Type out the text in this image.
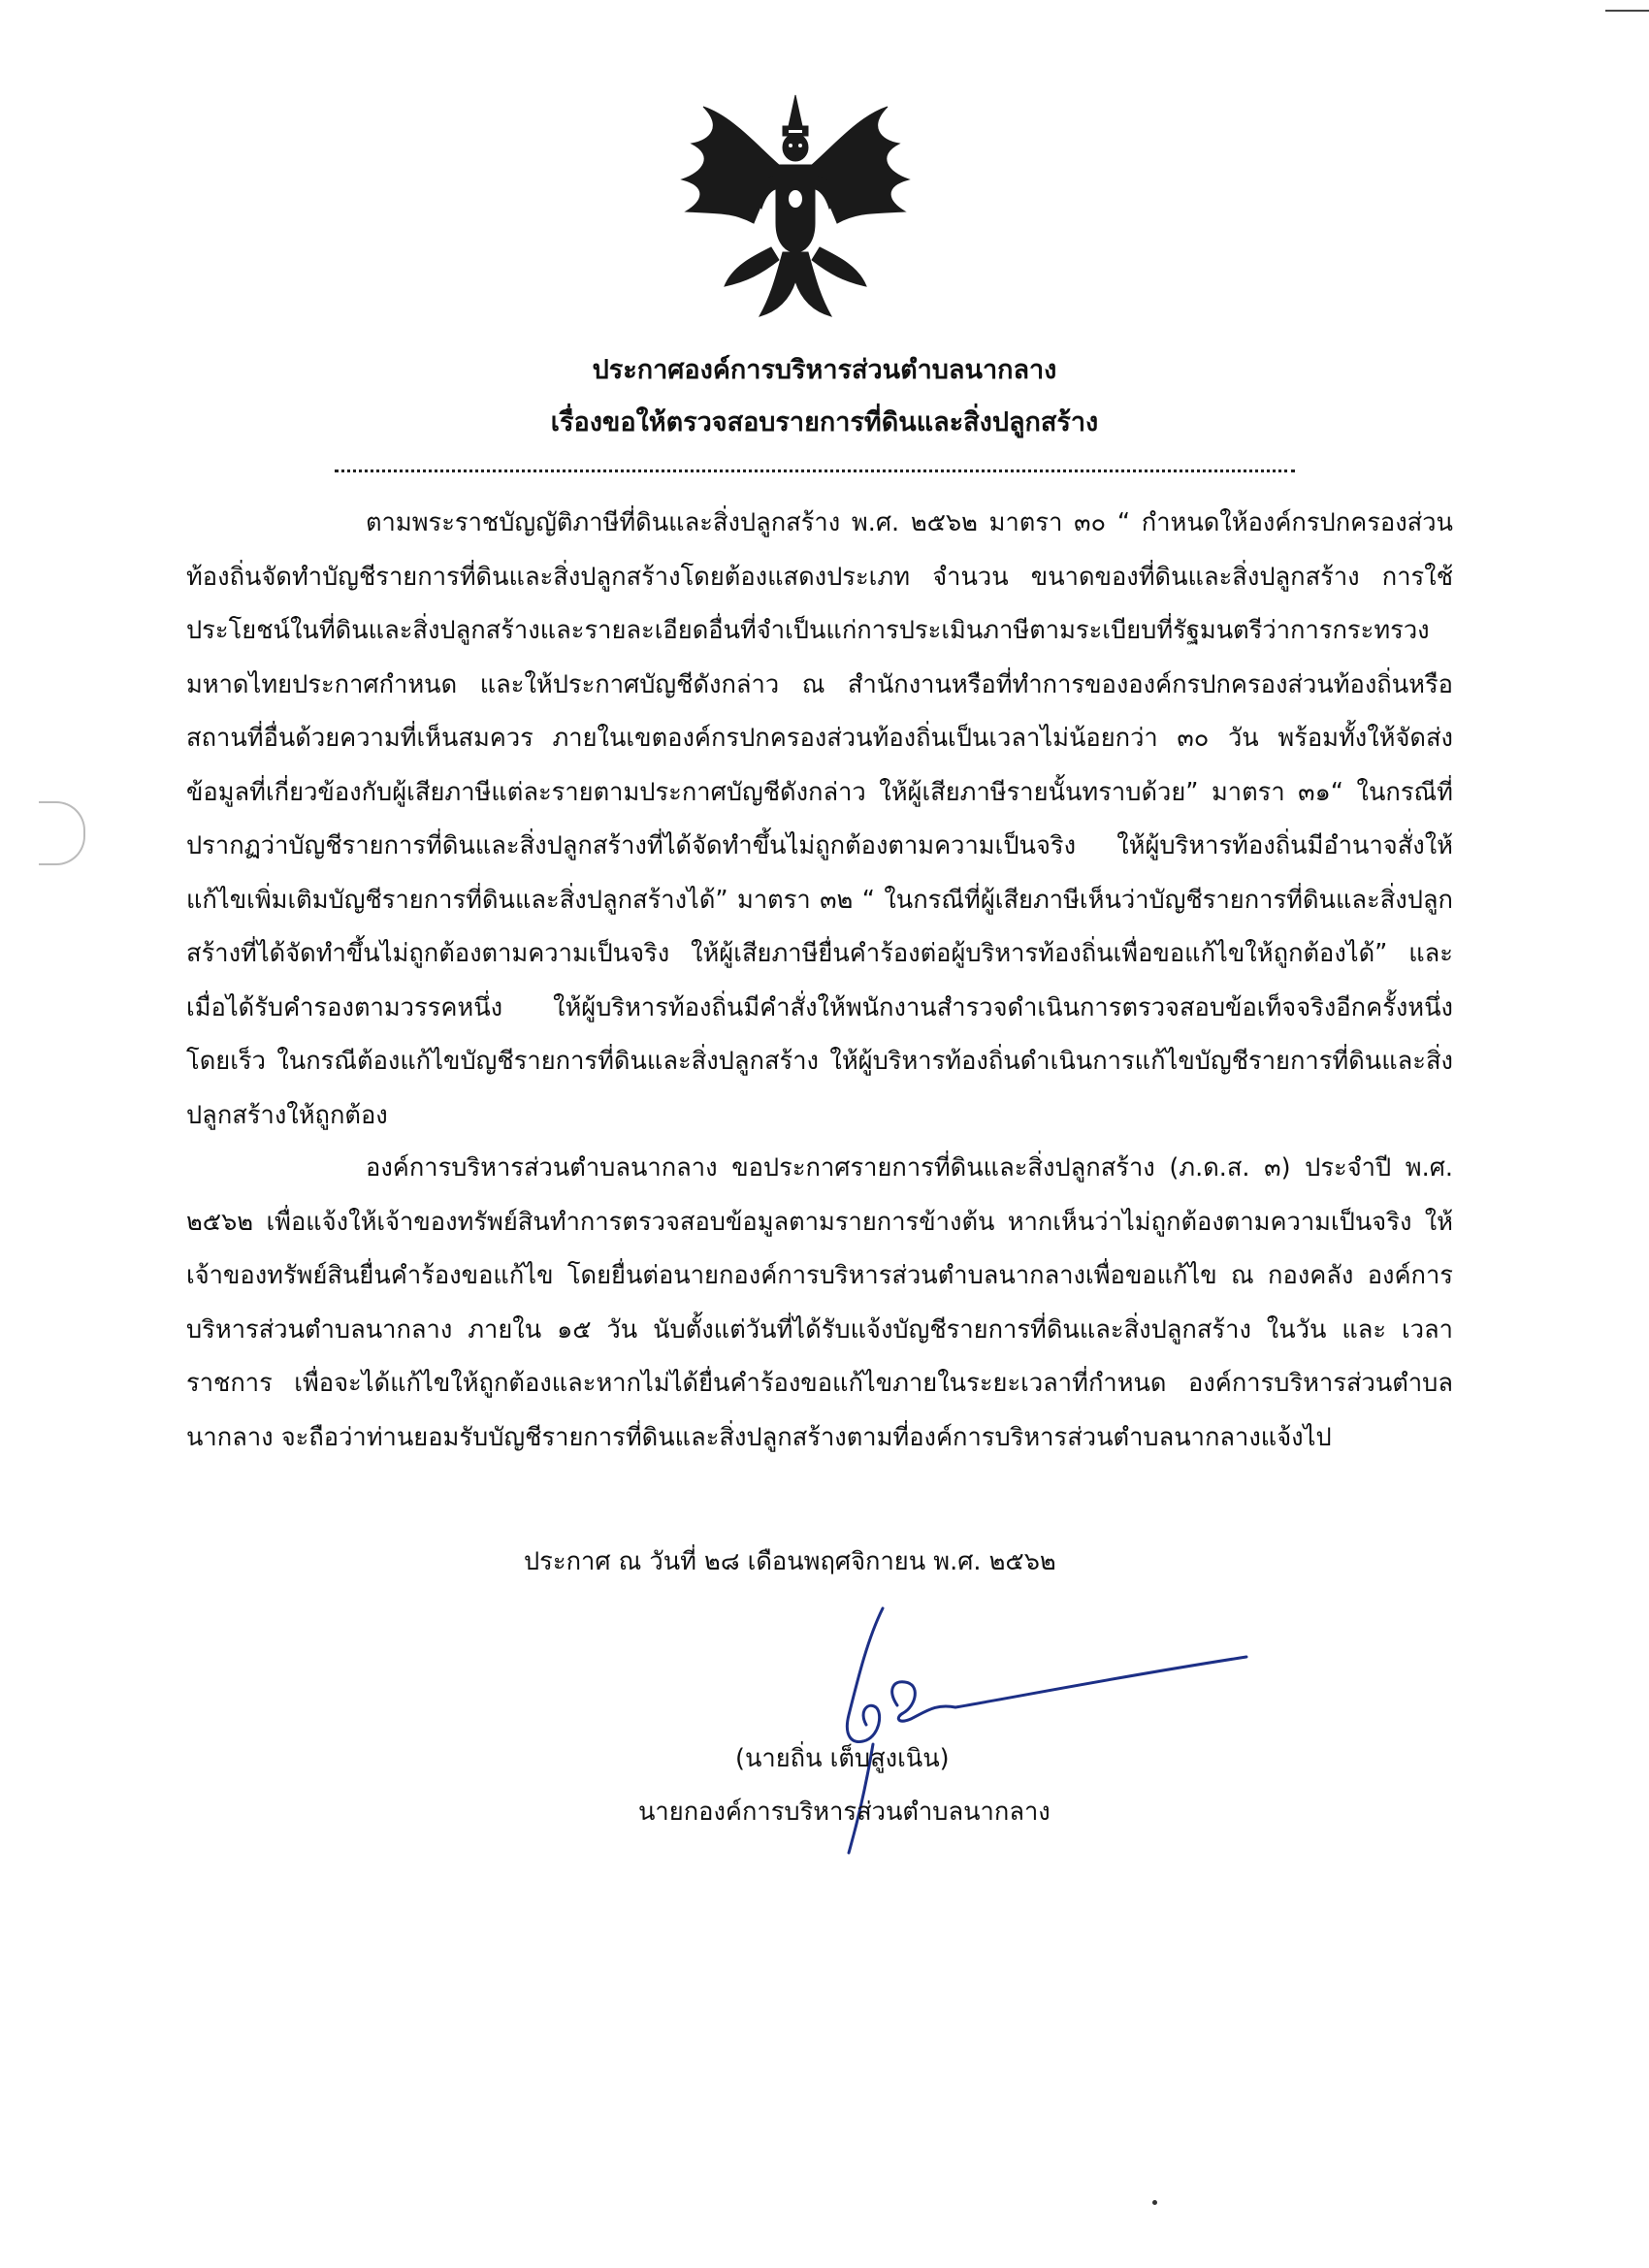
ประกาศองค์การบริหารส่วนตำบลนากลาง
เรื่องขอให้ตรวจสอบรายการที่ดินและสิ่งปลูกสร้าง

ตามพระราชบัญญัติภาษีที่ดินและสิ่งปลูกสร้าง พ.ศ. ๒๕๖๒ มาตรา ๓๐ “ กำหนดให้องค์กรปกครองส่วนท้องถิ่นจัดทำบัญชีรายการที่ดินและสิ่งปลูกสร้างโดยต้องแสดงประเภท จำนวน ขนาดของที่ดินและสิ่งปลูกสร้าง การใช้ประโยชน์ในที่ดินและสิ่งปลูกสร้างและรายละเอียดอื่นที่จำเป็นแก่การประเมินภาษีตามระเบียบที่รัฐมนตรีว่าการกระทรวงมหาดไทยประกาศกำหนด และให้ประกาศบัญชีดังกล่าว ณ สำนักงานหรือที่ทำการขององค์กรปกครองส่วนท้องถิ่นหรือสถานที่อื่นด้วยความที่เห็นสมควร ภายในเขตองค์กรปกครองส่วนท้องถิ่นเป็นเวลาไม่น้อยกว่า ๓๐ วัน พร้อมทั้งให้จัดส่งข้อมูลที่เกี่ยวข้องกับผู้เสียภาษีแต่ละรายตามประกาศบัญชีดังกล่าว ให้ผู้เสียภาษีรายนั้นทราบด้วย” มาตรา ๓๑“ ในกรณีที่ปรากฏว่าบัญชีรายการที่ดินและสิ่งปลูกสร้างที่ได้จัดทำขึ้นไม่ถูกต้องตามความเป็นจริง ให้ผู้บริหารท้องถิ่นมีอำนาจสั่งให้แก้ไขเพิ่มเติมบัญชีรายการที่ดินและสิ่งปลูกสร้างได้” มาตรา ๓๒ “ ในกรณีที่ผู้เสียภาษีเห็นว่าบัญชีรายการที่ดินและสิ่งปลูกสร้างที่ได้จัดทำขึ้นไม่ถูกต้องตามความเป็นจริง ให้ผู้เสียภาษียื่นคำร้องต่อผู้บริหารท้องถิ่นเพื่อขอแก้ไขให้ถูกต้องได้” และเมื่อได้รับคำรองตามวรรคหนึ่ง ให้ผู้บริหารท้องถิ่นมีคำสั่งให้พนักงานสำรวจดำเนินการตรวจสอบข้อเท็จจริงอีกครั้งหนึ่งโดยเร็ว ในกรณีต้องแก้ไขบัญชีรายการที่ดินและสิ่งปลูกสร้าง ให้ผู้บริหารท้องถิ่นดำเนินการแก้ไขบัญชีรายการที่ดินและสิ่งปลูกสร้างให้ถูกต้อง

องค์การบริหารส่วนตำบลนากลาง ขอประกาศรายการที่ดินและสิ่งปลูกสร้าง (ภ.ด.ส. ๓) ประจำปี พ.ศ. ๒๕๖๒ เพื่อแจ้งให้เจ้าของทรัพย์สินทำการตรวจสอบข้อมูลตามรายการข้างต้น หากเห็นว่าไม่ถูกต้องตามความเป็นจริง ให้เจ้าของทรัพย์สินยื่นคำร้องขอแก้ไข โดยยื่นต่อนายกองค์การบริหารส่วนตำบลนากลางเพื่อขอแก้ไข ณ กองคลัง องค์การบริหารส่วนตำบลนากลาง ภายใน ๑๕ วัน นับตั้งแต่วันที่ได้รับแจ้งบัญชีรายการที่ดินและสิ่งปลูกสร้าง ในวัน และ เวลา ราชการ เพื่อจะได้แก้ไขให้ถูกต้องและหากไม่ได้ยื่นคำร้องขอแก้ไขภายในระยะเวลาที่กำหนด องค์การบริหารส่วนตำบลนากลาง จะถือว่าท่านยอมรับบัญชีรายการที่ดินและสิ่งปลูกสร้างตามที่องค์การบริหารส่วนตำบลนากลางแจ้งไป

ประกาศ ณ วันที่ ๒๘ เดือนพฤศจิกายน พ.ศ. ๒๕๖๒
(นายถิ่น เต็บสูงเนิน)
นายกองค์การบริหารส่วนตำบลนากลาง
